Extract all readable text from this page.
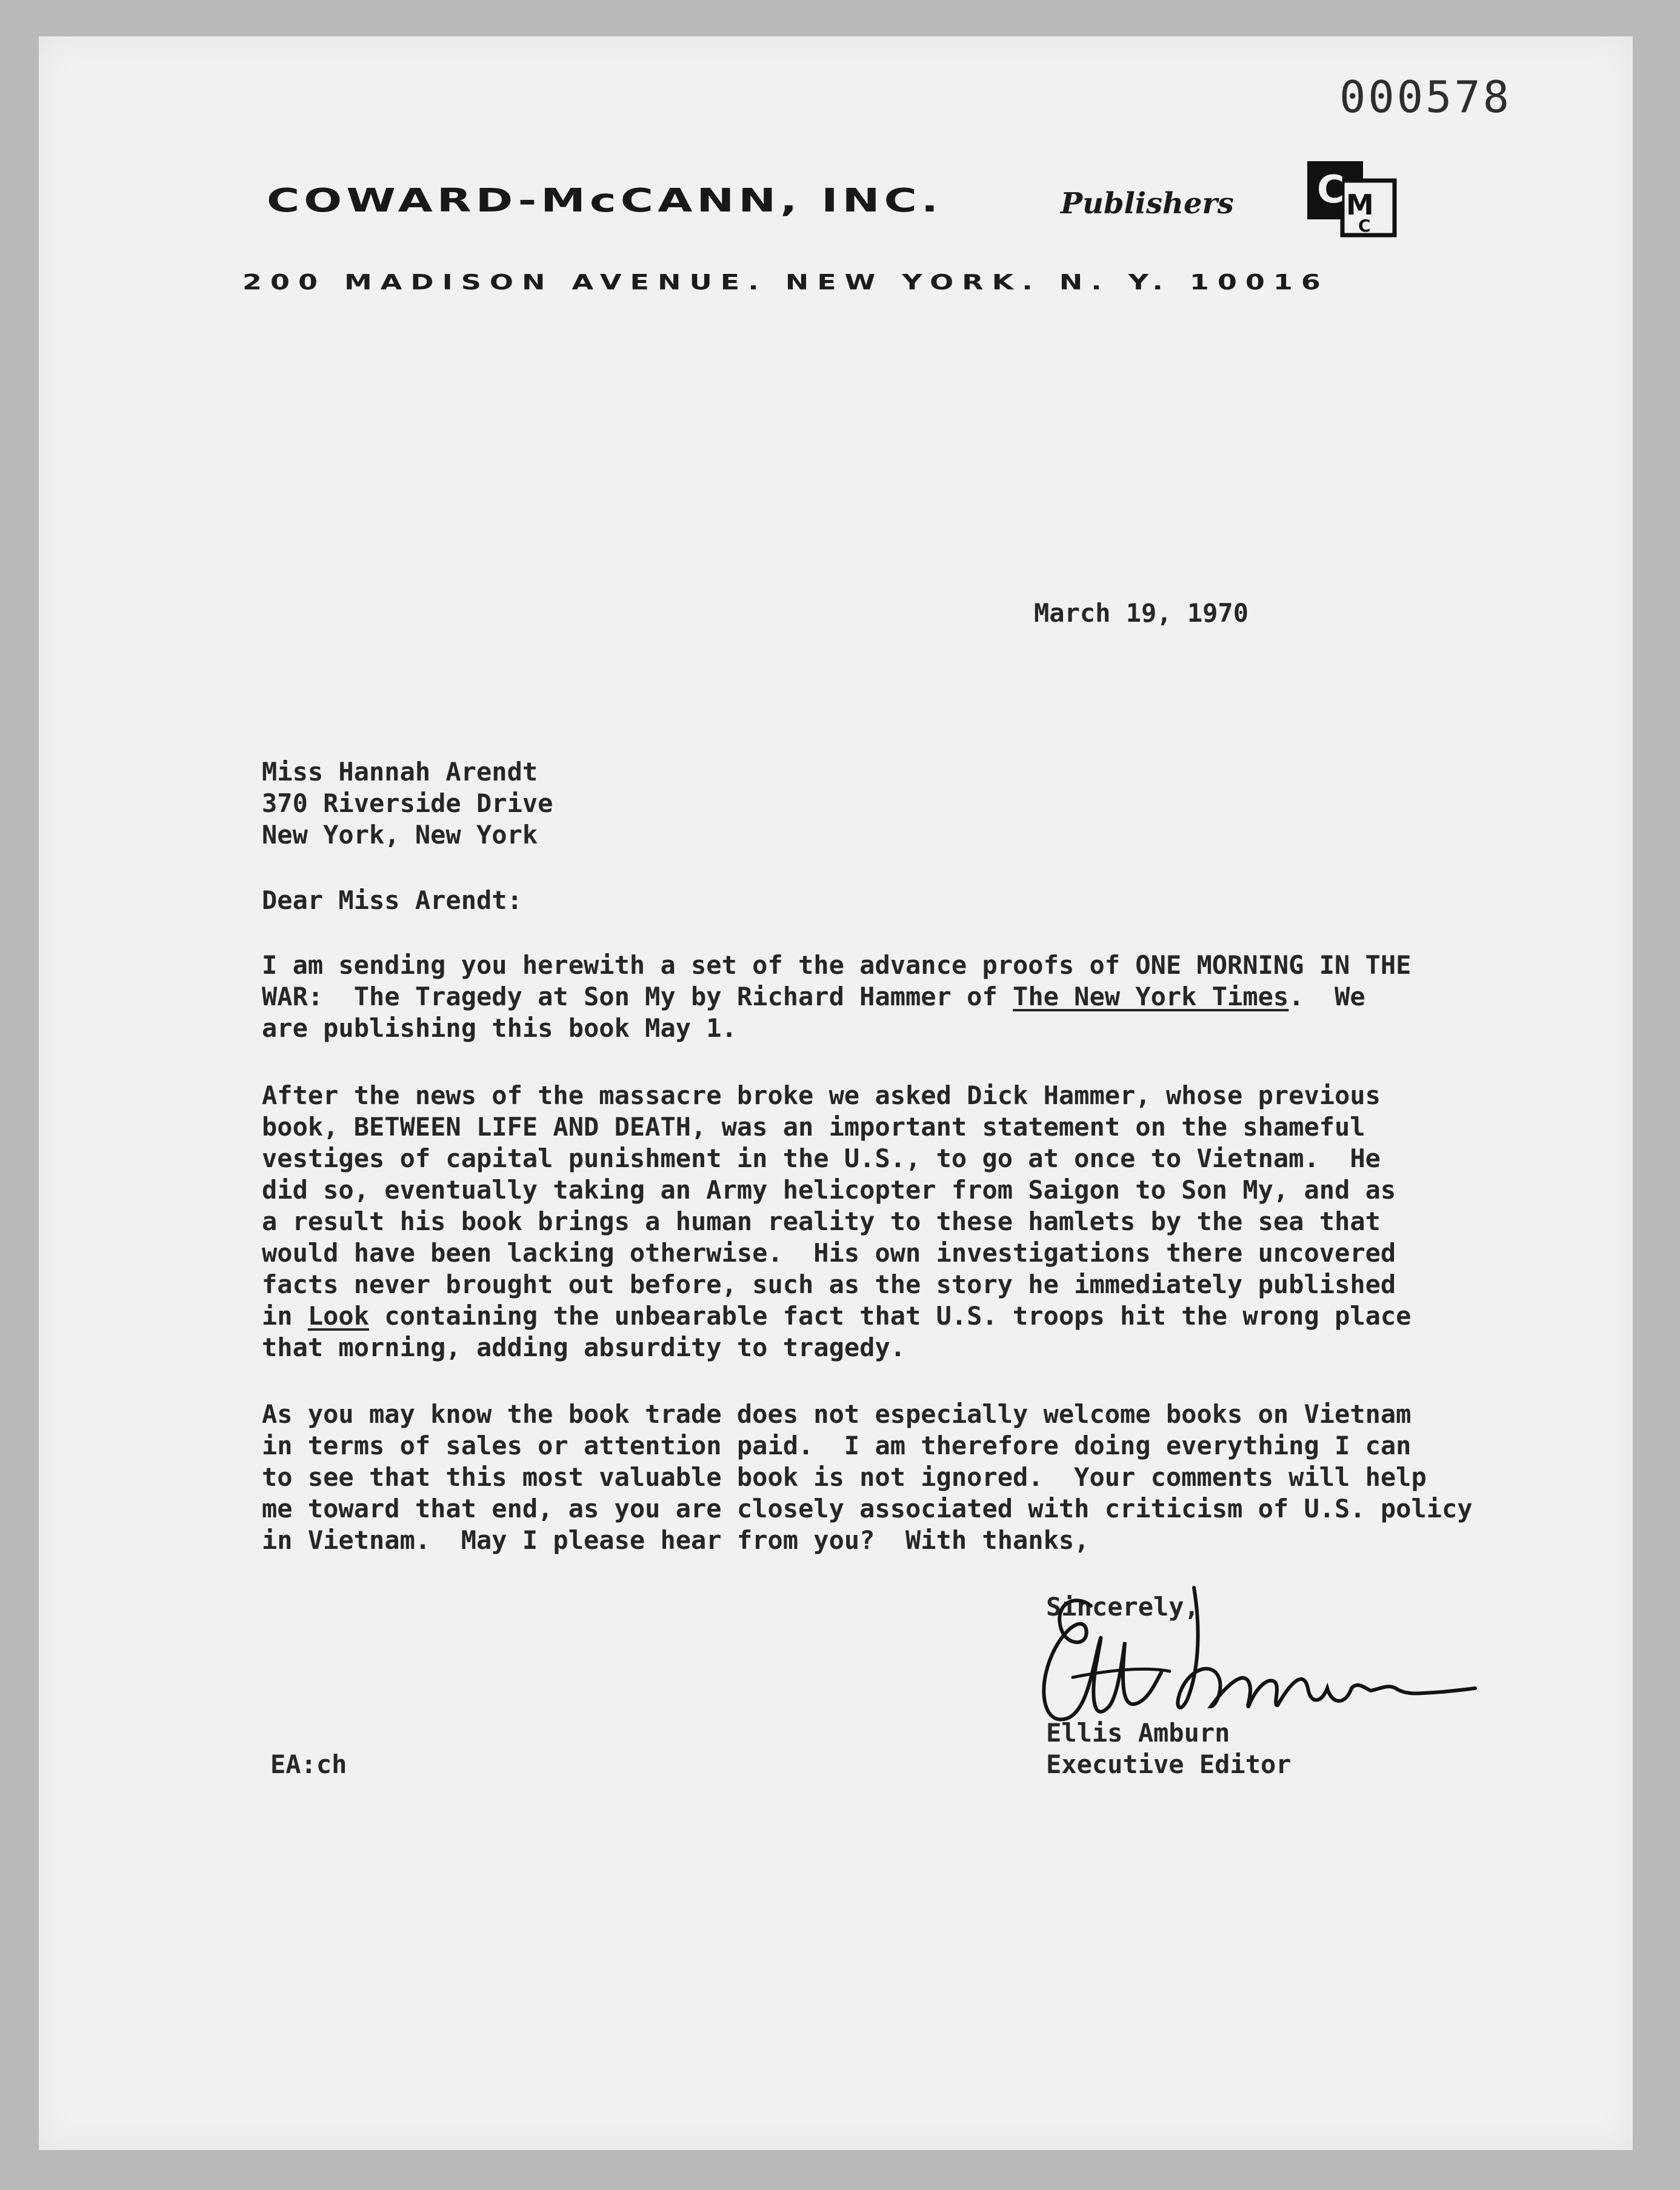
000578
COWARD-McCANN, INC.	Publishers C M
C
200 MADISON AVENUE. NEW YORK. N. Y. 10016
March 19, 1970
Miss Hannah Arendt
370 Riverside Drive
New York, New York
Dear Miss Arendt:
I am sending you herewith a set of the advance proofs of ONE MORNING IN THE
WAR:  The Tragedy at Son My by Richard Hammer of The New York Times.  We
are publishing this book May 1.
After the news of the massacre broke we asked Dick Hammer, whose previous
book, BETWEEN LIFE AND DEATH, was an important statement on the shameful
vestiges of capital punishment in the U.S., to go at once to Vietnam.  He
did so, eventually taking an Army helicopter from Saigon to Son My, and as
a result his book brings a human reality to these hamlets by the sea that
would have been lacking otherwise.  His own investigations there uncovered
facts never brought out before, such as the story he immediately published
in Look containing the unbearable fact that U.S. troops hit the wrong place
that morning, adding absurdity to tragedy.
As you may know the book trade does not especially welcome books on Vietnam
in terms of sales or attention paid.  I am therefore doing everything I can
to see that this most valuable book is not ignored.  Your comments will help
me toward that end, as you are closely associated with criticism of U.S. policy
in Vietnam.  May I please hear from you?  With thanks,
Sincerely,
Ellis Amburn
Executive Editor
EA:ch
